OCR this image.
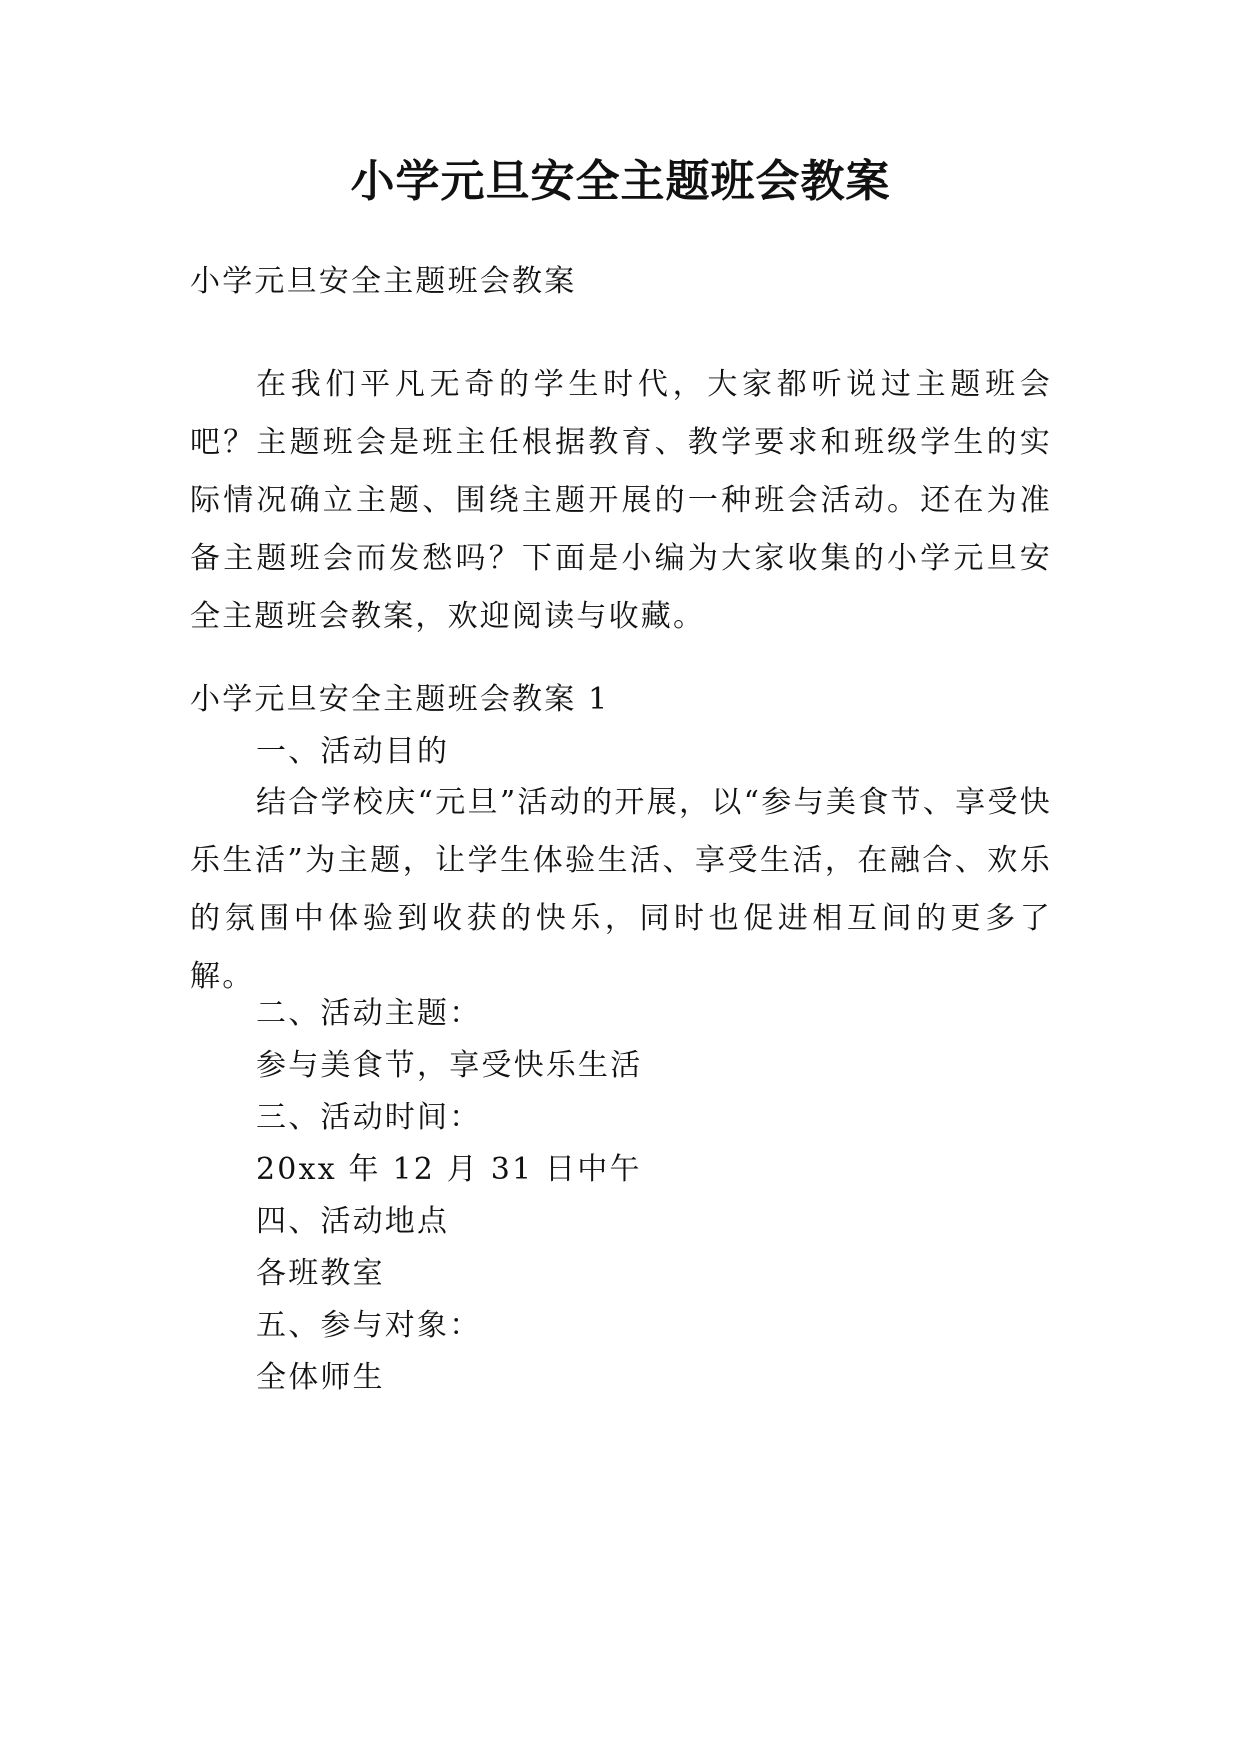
小学元旦安全主题班会教案
小学元旦安全主题班会教案
在我们平凡无奇的学生时代，大家都听说过主题班会吧？主题班会是班主任根据教育、教学要求和班级学生的实际情况确立主题、围绕主题开展的一种班会活动。还在为准备主题班会而发愁吗？下面是小编为大家收集的小学元旦安全主题班会教案，欢迎阅读与收藏。
小学元旦安全主题班会教案 1
一、活动目的
结合学校庆“元旦”活动的开展，以“参与美食节、享受快乐生活”为主题，让学生体验生活、享受生活，在融合、欢乐的氛围中体验到收获的快乐，同时也促进相互间的更多了解。
二、活动主题：
参与美食节，享受快乐生活
三、活动时间：
20xx 年 12 月 31 日中午
四、活动地点
各班教室
五、参与对象：
全体师生
